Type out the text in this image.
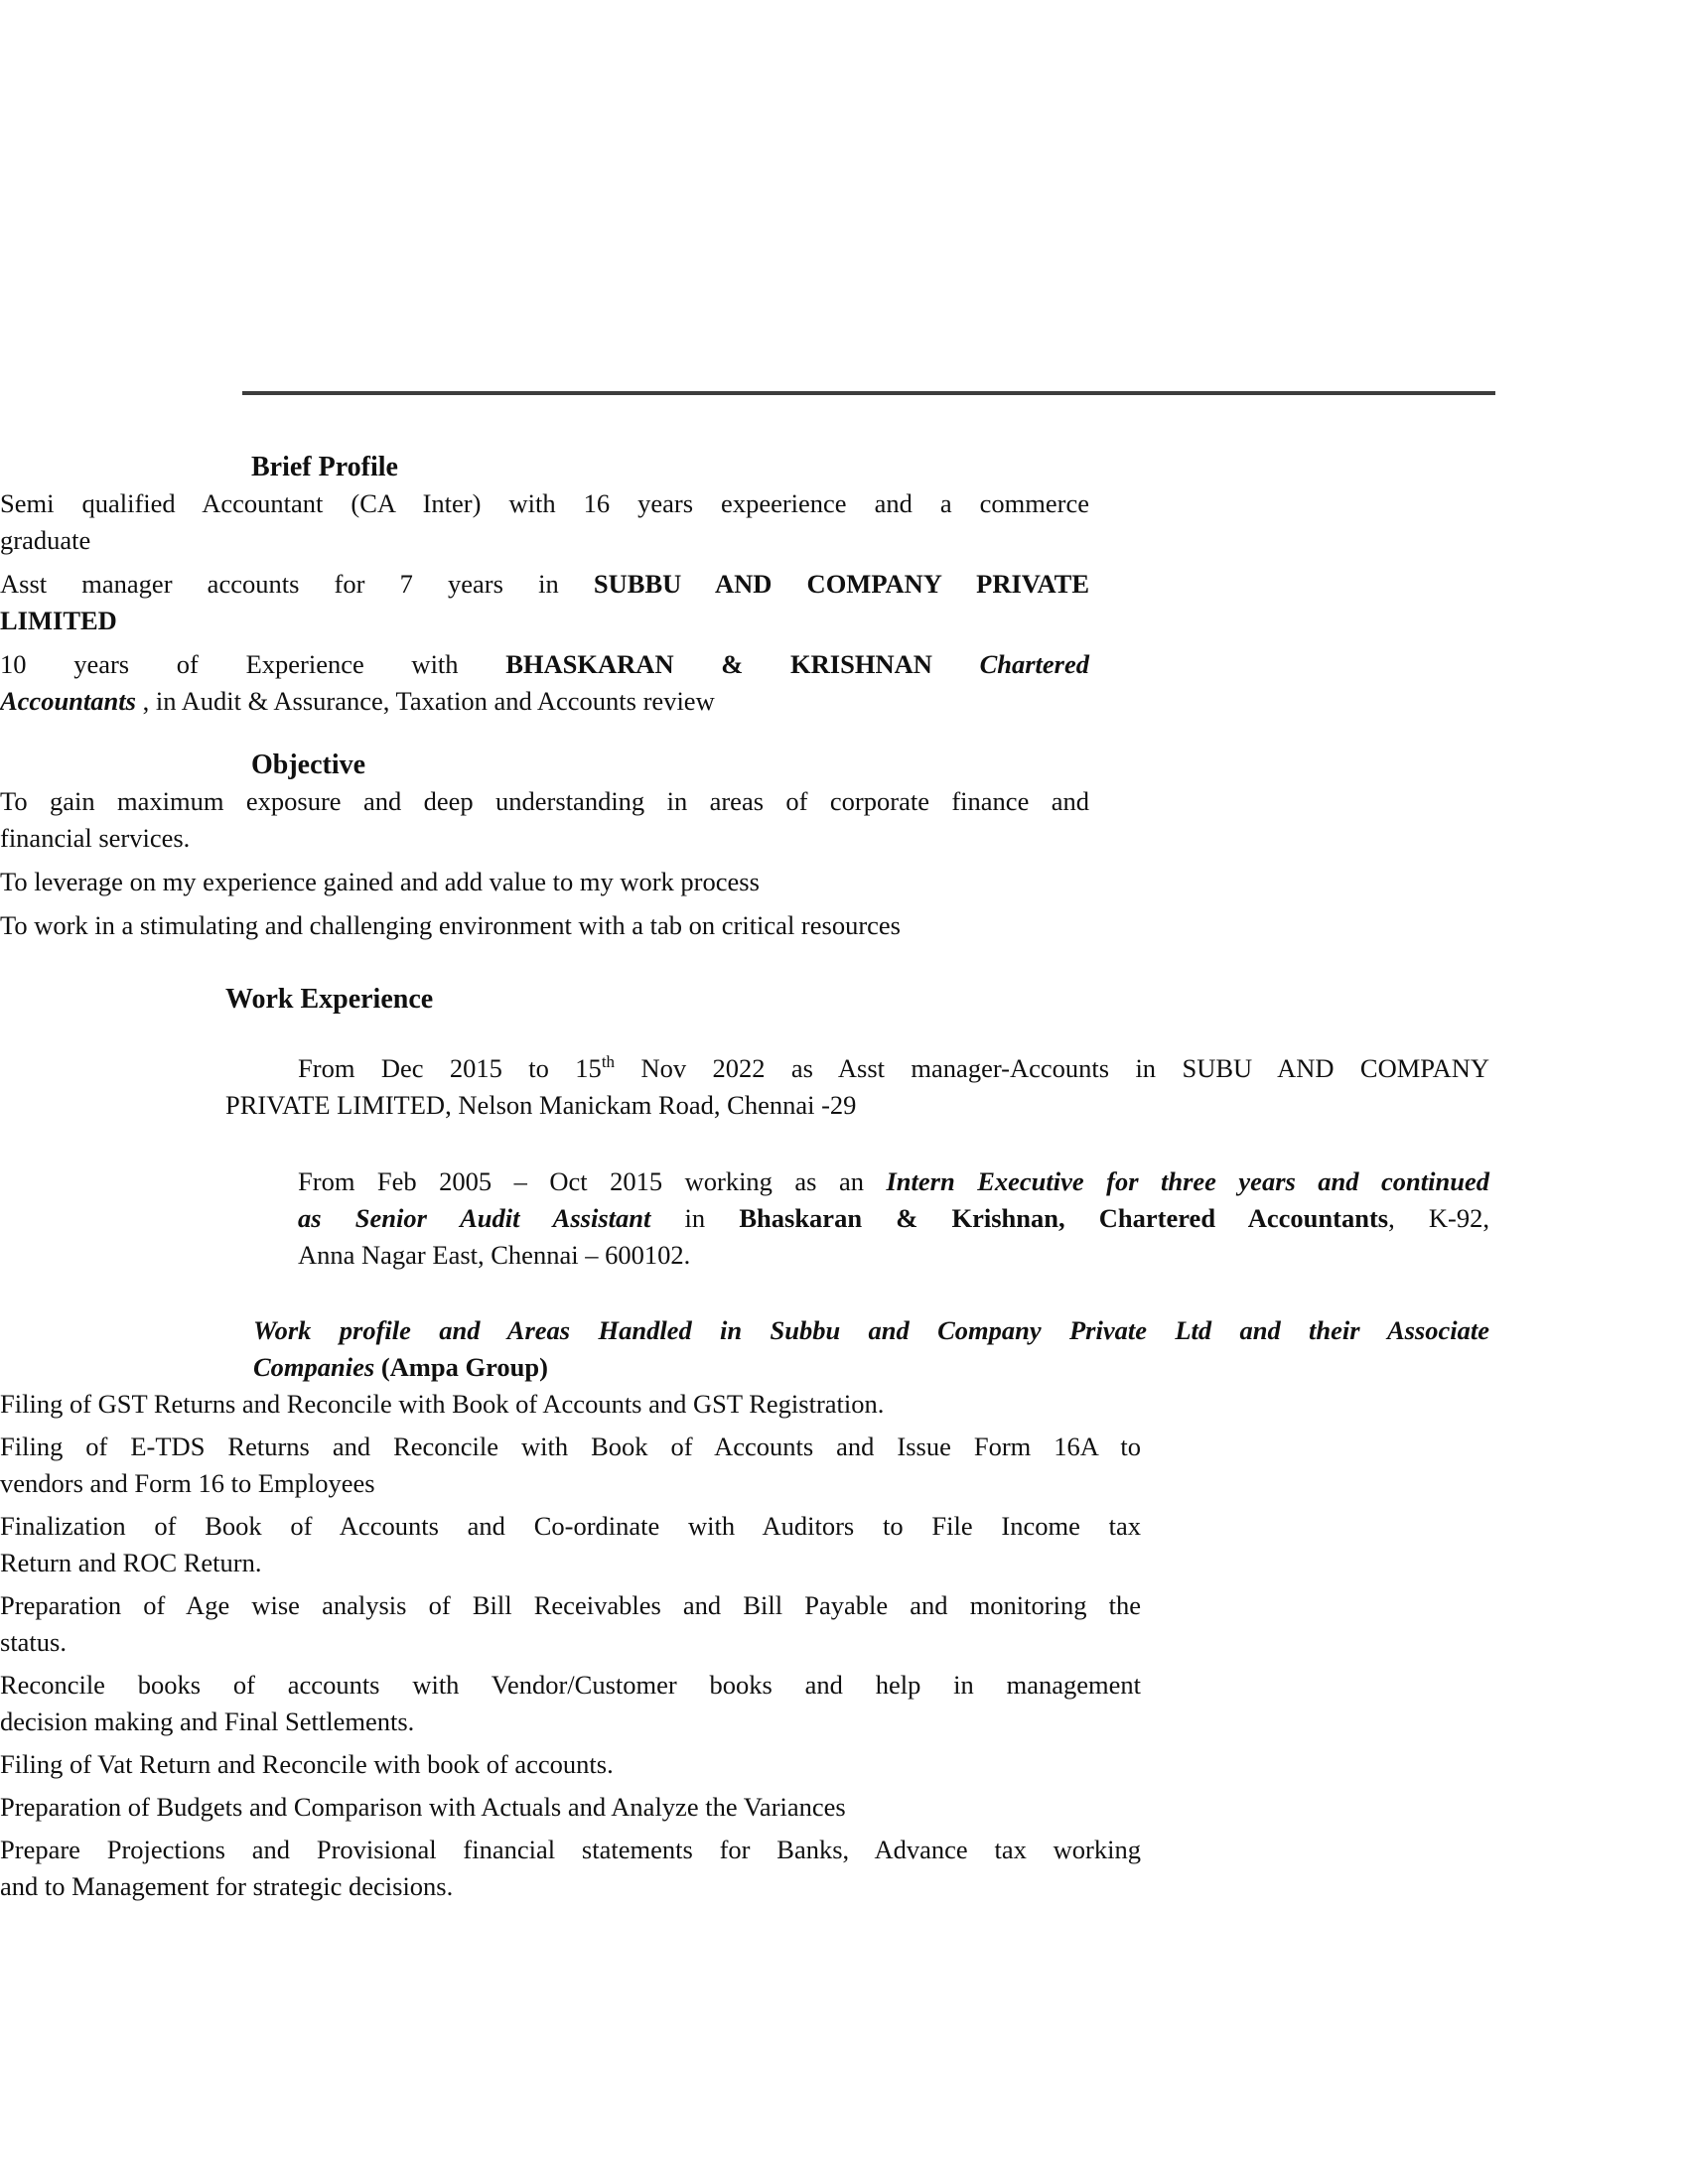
Brief Profile
Semi qualified Accountant (CA Inter) with 16 years expeerience and a commerce
graduate
Asst manager accounts for 7 years in SUBBU AND COMPANY PRIVATE
LIMITED
10 years of Experience with BHASKARAN & KRISHNAN Chartered
Accountants , in Audit & Assurance, Taxation and Accounts review
Objective
To gain maximum exposure and deep understanding in areas of corporate finance and
financial services.
To leverage on my experience gained and add value to my work process
To work in a stimulating and challenging environment with a tab on critical resources
Work Experience
From Dec 2015 to 15th Nov 2022 as Asst manager-Accounts in SUBU AND COMPANY
PRIVATE LIMITED, Nelson Manickam Road, Chennai -29
From Feb 2005 – Oct 2015 working as an Intern Executive for three years and continued
as Senior Audit Assistant in Bhaskaran & Krishnan, Chartered Accountants, K-92,
Anna Nagar East, Chennai – 600102.
Work profile and Areas Handled in Subbu and Company Private Ltd and their Associate
Companies (Ampa Group)
Filing of GST Returns and Reconcile with Book of Accounts and GST Registration.
Filing of E-TDS Returns and Reconcile with Book of Accounts and Issue Form 16A to
vendors and Form 16 to Employees
Finalization of Book of Accounts and Co-ordinate with Auditors to File Income tax
Return and ROC Return.
Preparation of Age wise analysis of Bill Receivables and Bill Payable and monitoring the
status.
Reconcile books of accounts with Vendor/Customer books and help in management
decision making and Final Settlements.
Filing of Vat Return and Reconcile with book of accounts.
Preparation of Budgets and Comparison with Actuals and Analyze the Variances
Prepare Projections and Provisional financial statements for Banks, Advance tax working
and to Management for strategic decisions.
